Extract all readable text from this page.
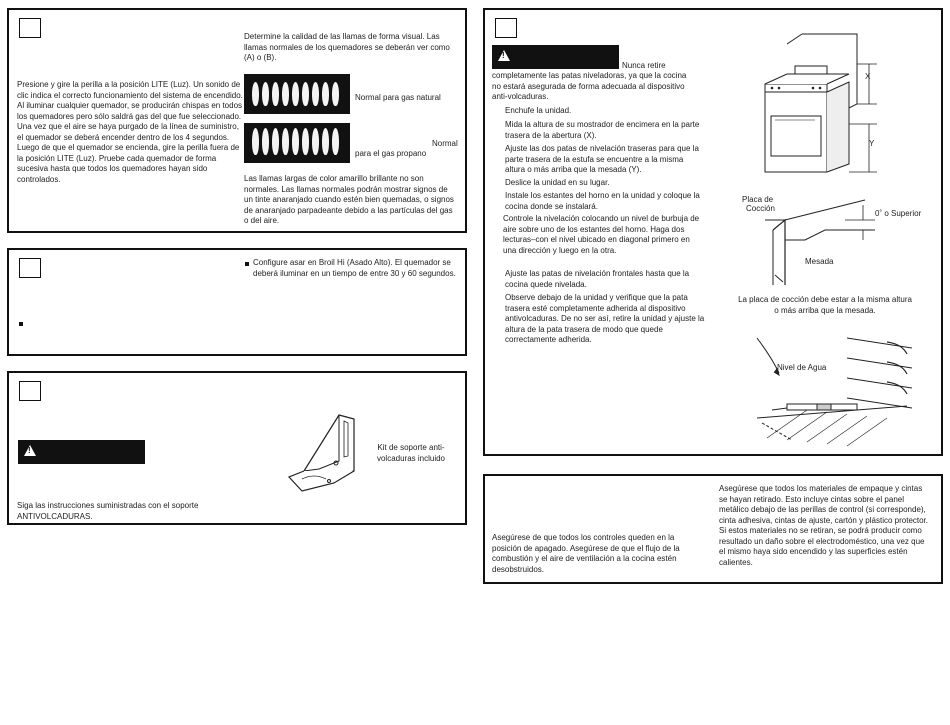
Presione y gire la perilla a la posición LITE (Luz). Un sonido de clic indica el correcto funcionamiento del sistema de encendido. Al iluminar cualquier quemador, se producirán chispas en todos los quemadores pero sólo saldrá gas del que fue seleccionado. Una vez que el aire se haya purgado de la línea de suministro, el quemador se deberá encender dentro de los 4 segundos. Luego de que el quemador se encienda, gire la perilla fuera de la posición LITE (Luz). Pruebe cada quemador de forma sucesiva hasta que todos los quemadores hayan sido controlados.
Determine la calidad de las llamas de forma visual. Las llamas normales de los quemadores se deberán ver como (A) o (B).
Normal para gas natural
Normal
para el gas propano
Las llamas largas de color amarillo brillante no son normales. Las llamas normales podrán mostrar signos de un tinte anaranjado cuando estén bien quemadas, o signos de anaranjado parpadeante debido a las partículas del gas o del aire.
Configure asar en Broil Hi (Asado Alto). El quemador se deberá iluminar en un tiempo de entre 30 y 60 segundos.
!
Kit de soporte anti-volcaduras incluido
Siga las instrucciones suministradas con el soporte ANTIVOLCADURAS.
!
Nunca retire
completamente las patas niveladoras, ya que la cocina no estará asegurada de forma adecuada al dispositivo anti-volcaduras.
Enchufe la unidad.
Mida la altura de su mostrador de encimera en la parte trasera de la abertura (X).
Ajuste las dos patas de nivelación traseras para que la parte trasera de la estufa se encuentre a la misma altura o más arriba que la mesada (Y).
Deslice la unidad en su lugar.
Instale los estantes del horno en la unidad y coloque la cocina donde se instalará.
Controle la nivelación colocando un nivel de burbuja de aire sobre uno de los estantes del horno. Haga dos lecturas–con el nivel ubicado en diagonal primero en una dirección y luego en la otra.
Ajuste las patas de nivelación frontales hasta que la cocina quede nivelada.
Observe debajo de la unidad y verifique que la pata trasera esté completamente adherida al dispositivo antivolcaduras. De no ser así, retire la unidad y ajuste la altura de la pata trasera de modo que quede correctamente adherida.
X
Y
Placa de
Cocción
0˚ o Superior
Mesada
La placa de cocción debe estar a la misma altura o más arriba que la mesada.
Nivel de Agua
Asegúrese de que todos los controles queden en la posición de apagado. Asegúrese de que el flujo de la combustión y el aire de ventilación a la cocina estén desobstruidos.
Asegúrese que todos los materiales de empaque y cintas se hayan retirado. Esto incluye cintas sobre el panel metálico debajo de las perillas de control (si corresponde), cinta adhesiva, cintas de ajuste, cartón y plástico protector. Si estos materiales no se retiran, se podrá producir como resultado un daño sobre el electrodoméstico, una vez que el mismo haya sido encendido y las superficies estén calientes.
